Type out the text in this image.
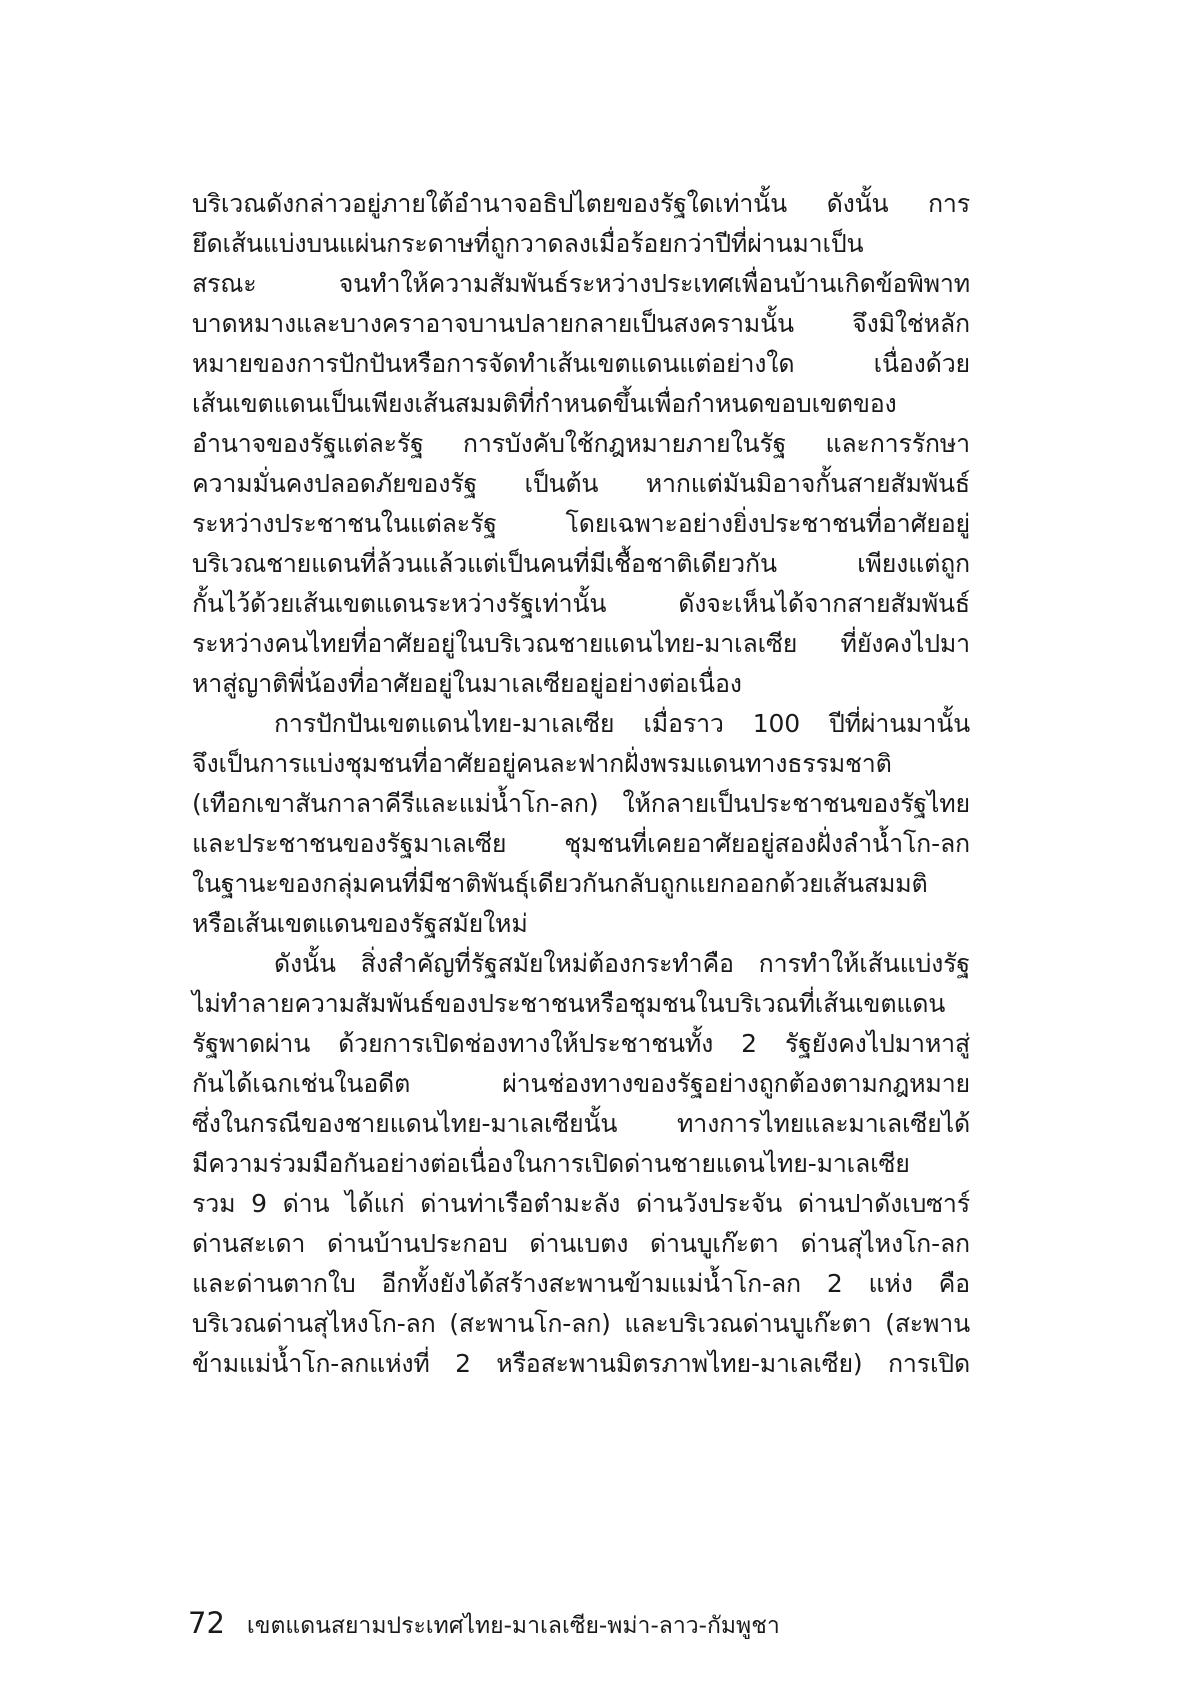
บริเวณดังกล่าวอยู่ภายใต้อำนาจอธิปไตยของรัฐใดเท่านั้น ดังนั้น การ
ยึดเส้นแบ่งบนแผ่นกระดาษที่ถูกวาดลงเมื่อร้อยกว่าปีที่ผ่านมาเป็น
สรณะ จนทำให้ความสัมพันธ์ระหว่างประเทศเพื่อนบ้านเกิดข้อพิพาท
บาดหมางและบางคราอาจบานปลายกลายเป็นสงครามนั้น จึงมิใช่หลัก
หมายของการปักปันหรือการจัดทำเส้นเขตแดนแต่อย่างใด เนื่องด้วย
เส้นเขตแดนเป็นเพียงเส้นสมมติที่กำหนดขึ้นเพื่อกำหนดขอบเขตของ
อำนาจของรัฐแต่ละรัฐ การบังคับใช้กฎหมายภายในรัฐ และการรักษา
ความมั่นคงปลอดภัยของรัฐ เป็นต้น หากแต่มันมิอาจกั้นสายสัมพันธ์
ระหว่างประชาชนในแต่ละรัฐ โดยเฉพาะอย่างยิ่งประชาชนที่อาศัยอยู่
บริเวณชายแดนที่ล้วนแล้วแต่เป็นคนที่มีเชื้อชาติเดียวกัน เพียงแต่ถูก
กั้นไว้ด้วยเส้นเขตแดนระหว่างรัฐเท่านั้น ดังจะเห็นได้จากสายสัมพันธ์
ระหว่างคนไทยที่อาศัยอยู่ในบริเวณชายแดนไทย-มาเลเซีย ที่ยังคงไปมา
หาสู่ญาติพี่น้องที่อาศัยอยู่ในมาเลเซียอยู่อย่างต่อเนื่อง
การปักปันเขตแดนไทย-มาเลเซีย เมื่อราว 100 ปีที่ผ่านมานั้น
จึงเป็นการแบ่งชุมชนที่อาศัยอยู่คนละฟากฝั่งพรมแดนทางธรรมชาติ
(เทือกเขาสันกาลาคีรีและแม่น้ำโก-ลก) ให้กลายเป็นประชาชนของรัฐไทย
และประชาชนของรัฐมาเลเซีย ชุมชนที่เคยอาศัยอยู่สองฝั่งลำน้ำโก-ลก
ในฐานะของกลุ่มคนที่มีชาติพันธุ์เดียวกันกลับถูกแยกออกด้วยเส้นสมมติ
หรือเส้นเขตแดนของรัฐสมัยใหม่
ดังนั้น สิ่งสำคัญที่รัฐสมัยใหม่ต้องกระทำคือ การทำให้เส้นแบ่งรัฐ
ไม่ทำลายความสัมพันธ์ของประชาชนหรือชุมชนในบริเวณที่เส้นเขตแดน
รัฐพาดผ่าน ด้วยการเปิดช่องทางให้ประชาชนทั้ง 2 รัฐยังคงไปมาหาสู่
กันได้เฉกเช่นในอดีต ผ่านช่องทางของรัฐอย่างถูกต้องตามกฎหมาย
ซึ่งในกรณีของชายแดนไทย-มาเลเซียนั้น ทางการไทยและมาเลเซียได้
มีความร่วมมือกันอย่างต่อเนื่องในการเปิดด่านชายแดนไทย-มาเลเซีย
รวม 9 ด่าน ได้แก่ ด่านท่าเรือตำมะลัง ด่านวังประจัน ด่านปาดังเบซาร์
ด่านสะเดา ด่านบ้านประกอบ ด่านเบตง ด่านบูเก๊ะตา ด่านสุไหงโก-ลก
และด่านตากใบ อีกทั้งยังได้สร้างสะพานข้ามแม่น้ำโก-ลก 2 แห่ง คือ
บริเวณด่านสุไหงโก-ลก (สะพานโก-ลก) และบริเวณด่านบูเก๊ะตา (สะพาน
ข้ามแม่น้ำโก-ลกแห่งที่ 2 หรือสะพานมิตรภาพไทย-มาเลเซีย) การเปิด
72 เขตแดนสยามประเทศไทย-มาเลเซีย-พม่า-ลาว-กัมพูชา
